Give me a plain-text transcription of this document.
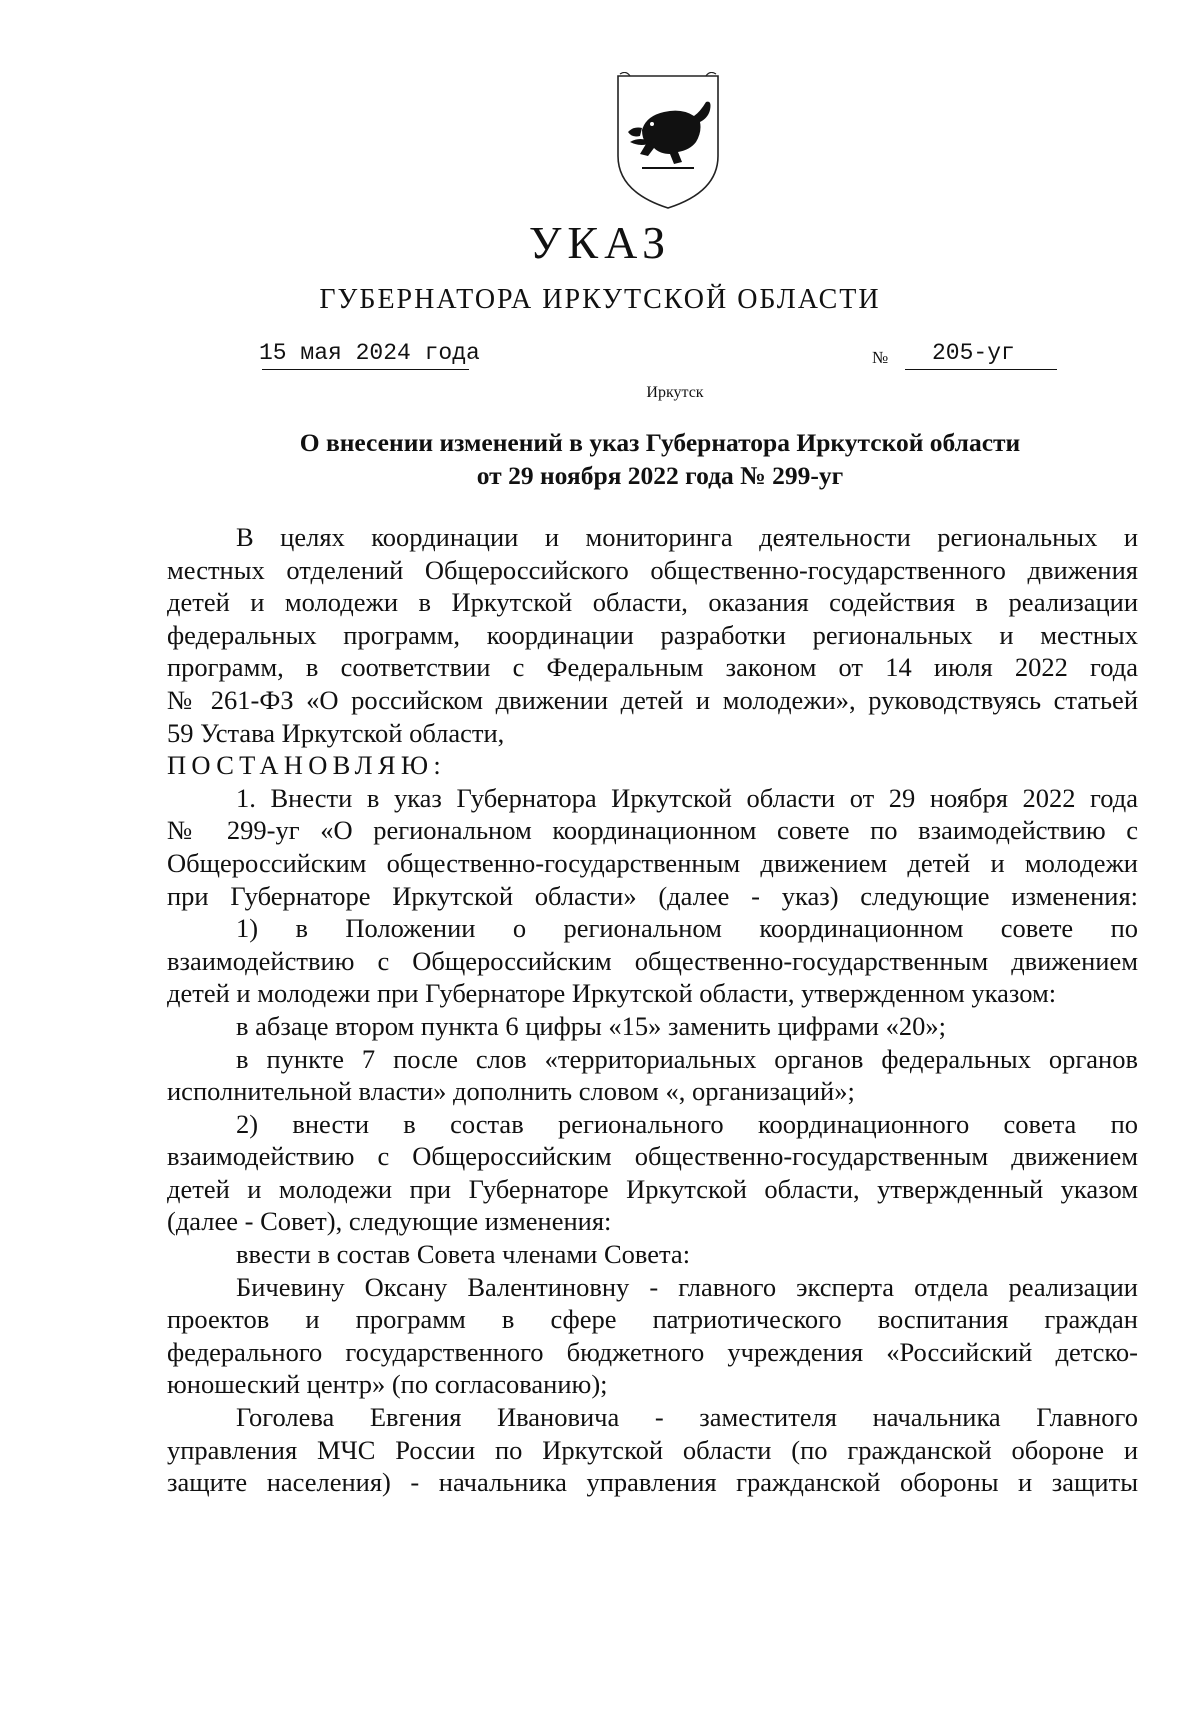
УКАЗ
ГУБЕРНАТОРА ИРКУТСКОЙ ОБЛАСТИ
15 мая 2024 года	№ 205-уг
Иркутск
О внесении изменений в указ Губернатора Иркутской области
от 29 ноября 2022 года № 299-уг

В целях координации и мониторинга деятельности региональных и

местных отделений Общероссийского общественно-государственного движения

детей и молодежи в Иркутской области, оказания содействия в реализации

федеральных программ, координации разработки региональных и местных

программ, в соответствии с Федеральным законом от 14 июля 2022 года

№ 261-ФЗ «О российском движении детей и молодежи», руководствуясь статьей

59 Устава Иркутской области,

ПОСТАНОВЛЯЮ:

1. Внести в указ Губернатора Иркутской области от 29 ноября 2022 года

№ 299-уг «О региональном координационном совете по взаимодействию с

Общероссийским общественно-государственным движением детей и молодежи

при Губернаторе Иркутской области» (далее - указ) следующие изменения:

1) в Положении о региональном координационном совете по

взаимодействию с Общероссийским общественно-государственным движением

детей и молодежи при Губернаторе Иркутской области, утвержденном указом:

в абзаце втором пункта 6 цифры «15» заменить цифрами «20»;

в пункте 7 после слов «территориальных органов федеральных органов

исполнительной власти» дополнить словом «, организаций»;

2) внести в состав регионального координационного совета по

взаимодействию с Общероссийским общественно-государственным движением

детей и молодежи при Губернаторе Иркутской области, утвержденный указом

(далее - Совет), следующие изменения:

ввести в состав Совета членами Совета:

Бичевину Оксану Валентиновну - главного эксперта отдела реализации

проектов и программ в сфере патриотического воспитания граждан

федерального государственного бюджетного учреждения «Российский детско-

юношеский центр» (по согласованию);

Гоголева Евгения Ивановича - заместителя начальника Главного

управления МЧС России по Иркутской области (по гражданской обороне и

защите населения) - начальника управления гражданской обороны и защиты
